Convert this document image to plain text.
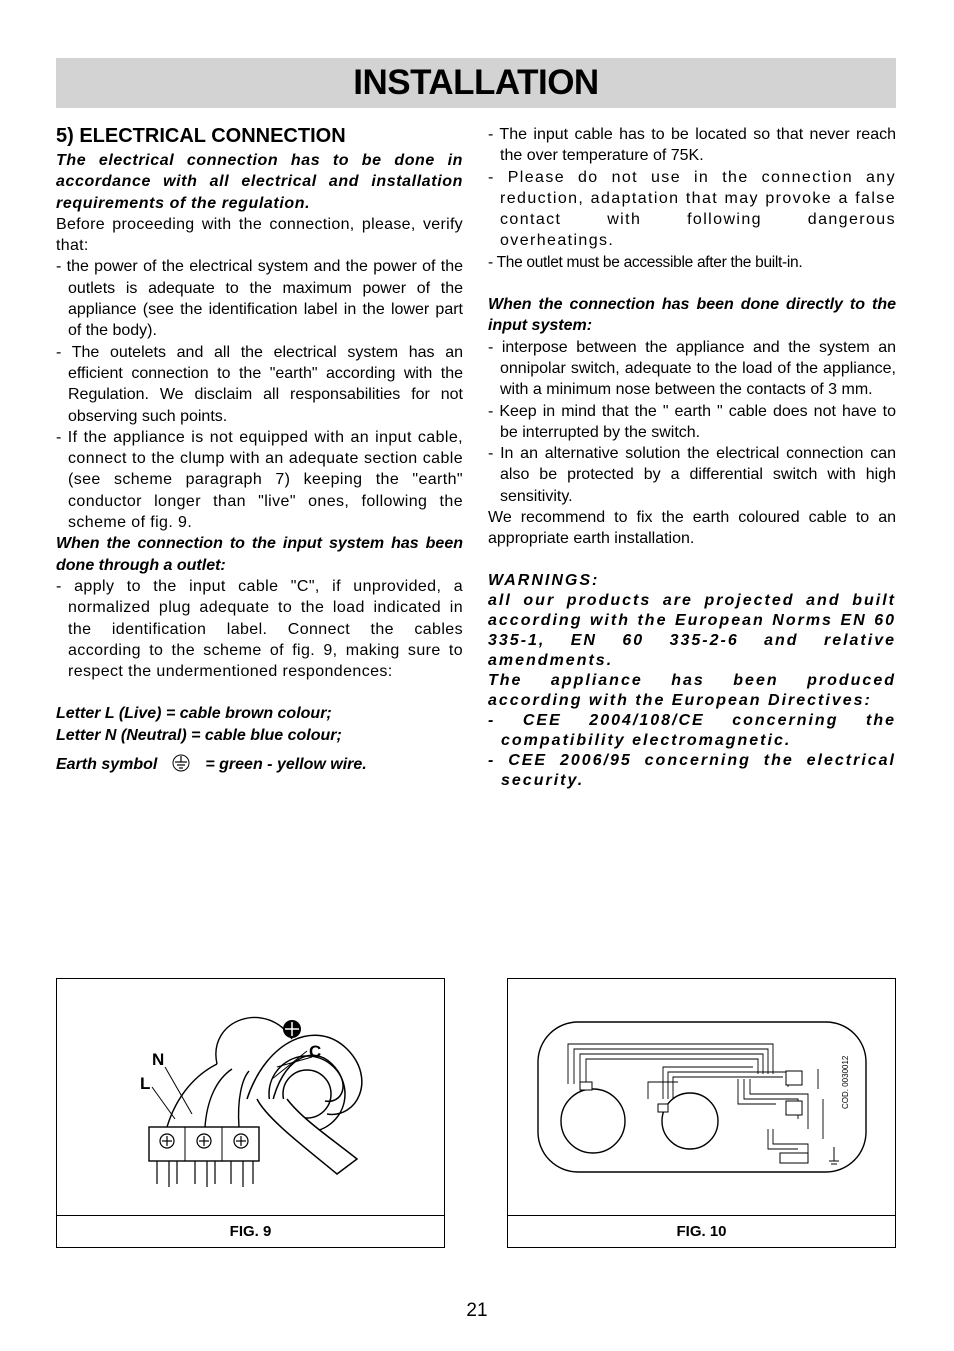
INSTALLATION
5) ELECTRICAL CONNECTION
The electrical connection has to be done in accordance with all electrical and installation requirements of the regulation.
Before proceeding with the connection, please, verify that:
- the power of the electrical system and the power of the outlets is adequate to the maximum power of the appliance (see the identification label in the lower part of the body).
- The outelets and all the electrical system has an efficient connection to the "earth" according with the Regulation. We disclaim all responsabilities for not observing such points.
- If the appliance is not equipped with an input cable, connect to the clump with an adequate section cable (see scheme paragraph 7) keeping the "earth" conductor longer than "live" ones, following the scheme of fig. 9.
When the connection to the input system has been done through a outlet:
- apply to the input cable "C", if unprovided, a normalized plug adequate to the load indicated in the identification label. Connect the cables according to the scheme of fig. 9, making sure to respect the undermentioned respondences:
Letter L (Live) = cable brown colour;
Letter N (Neutral) = cable blue colour;
Earth symbol	= green - yellow wire.
- The input cable has to be located so that never reach the over temperature of 75K.
- Please do not use in the connection any reduction, adaptation that may provoke a false contact with following dangerous overheatings.
- The outlet must be accessible after the built-in.
When the connection has been done directly to the input system:
- interpose between the appliance and the system an onnipolar switch, adequate to the load of the appliance, with a minimum nose between the contacts of 3 mm.
- Keep in mind that the " earth " cable does not have to be interrupted by the switch.
- In an alternative solution the electrical connection can also be protected by a differential switch with high sensitivity.
We recommend to fix the earth coloured cable to an appropriate earth installation.
WARNINGS:
all our products are projected and built according with the European Norms EN 60 335-1, EN 60 335-2-6 and relative amendments.
The appliance has been produced according with the European Directives:
- CEE 2004/108/CE concerning the compatibility electromagnetic.
- CEE 2006/95 concerning the electrical security.
N
L
C
FIG. 9
COD. 0030012
FIG. 10
21
